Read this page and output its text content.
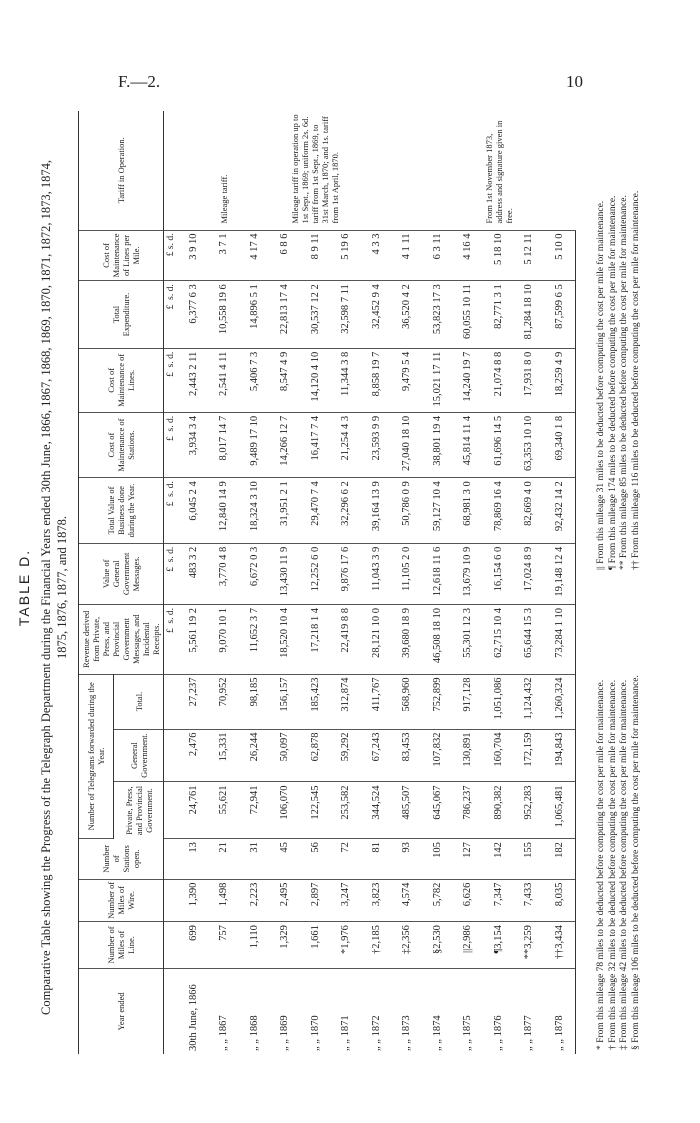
F.—2.	10
TABLE D. Comparative Table showing the Progress of the Telegraph Department during the Financial Years ended 30th June, 1866, 1867, 1868, 1869, 1870, 1871, 1872, 1873, 1874, 1875, 1876, 1877, and 1878.
Year ended	Number of Miles of Line.	Number of Miles of Wire.	Number of Stations open.	Number of Telegrams forwarded during the Year.			Revenue derived from Private, Press, and Provincial Government Messages, and Incidental Receipts.	Value of General Government Messages.	Total Value of Business done during the Year.	Cost of Maintenance of Stations.	Cost of Maintenance of Lines.	Total Expenditure.	Cost of Maintenance of Lines per Mile.	Tariff in Operation.
				Private, Press, and Provincial Government.	General Government.	Total.								
							£  s. d.	£  s. d.	£  s. d.	£  s. d.	£  s. d.	£  s. d.	£ s. d.	
30th June, 1866	699	1,390	13	24,761	2,476	27,237	5,561 19 2	483 3 2	6,045 2 4	3,934 3 4	2,443 2 11	6,377 6 3	3 9 10	Mileage tariff.
„ „ 1867	757	1,498	21	55,621	15,331	70,952	9,070 10 1	3,770 4 8	12,840 14 9	8,017 14 7	2,541 4 11	10,558 19 6	3 7 1	
„ „ 1868	1,110	2,223	31	72,941	26,244	98,185	11,652 3 7	6,672 0 3	18,324 3 10	9,489 17 10	5,406 7 3	14,896 5 1	4 17 4	
„ „ 1869	1,329	2,495	45	106,070	50,097	156,157	18,520 10 4	13,430 11 9	31,951 2 1	14,266 12 7	8,547 4 9	22,813 17 4	6 8 6	Mileage tariff in operation up to 1st Sept., 1869; uniform 2s. 6d. tariff from 1st Sept., 1869, to 31st March, 1870; and 1s. tariff from 1st April, 1870.
„ „ 1870	1,661	2,897	56	122,545	62,878	185,423	17,218 1 4	12,252 6 0	29,470 7 4	16,417 7 4	14,120 4 10	30,537 12 2	8 9 11	
„ „ 1871	*1,976	3,247	72	253,582	59,292	312,874	22,419 8 8	9,876 17 6	32,296 6 2	21,254 4 3	11,344 3 8	32,598 7 11	5 19 6	
„ „ 1872	†2,185	3,823	81	344,524	67,243	411,767	28,121 10 0	11,043 3 9	39,164 13 9	23,593 9 9	8,858 19 7	32,452 9 4	4 3 3	
„ „ 1873	‡2,356	4,574	93	485,507	83,453	568,960	39,680 18 9	11,105 2 0	50,786 0 9	27,040 18 10	9,479 5 4	36,520 4 2	4 1 11	
„ „ 1874	§2,530	5,782	105	645,067	107,832	752,899	46,508 18 10	12,618 11 6	59,127 10 4	38,801 19 4	15,021 17 11	53,823 17 3	6 3 11	From 1st November 1873, address and signature given in free.
„ „ 1875	||2,986	6,626	127	786,237	130,891	917,128	55,301 12 3	13,679 10 9	68,981 3 0	45,814 11 4	14,240 19 7	60,055 10 11	4 16 4	
„ „ 1876	¶3,154	7,347	142	890,382	160,704	1,051,086	62,715 10 4	16,154 6 0	78,869 16 4	61,696 14 5	21,074 8 8	82,771 3 1	5 18 10	
„ „ 1877	**3,259	7,433	155	952,283	172,159	1,124,432	65,644 15 3	17,024 8 9	82,669 4 0	63,353 10 10	17,931 8 0	81,284 18 10	5 12 11	
„ „ 1878	††3,434	8,035	182	1,065,481	194,843	1,260,324	73,284 1 10	19,148 12 4	92,432 14 2	69,340 1 8	18,259 4 9	87,599 6 5	5 10 0	
* From this mileage 78 miles to be deducted before computing the cost per mile for maintenance. † From this mileage 32 miles to be deducted before computing the cost per mile for maintenance. ‡ From this mileage 42 miles to be deducted before computing the cost per mile for maintenance. § From this mileage 106 miles to be deducted before computing the cost per mile for maintenance.
|| From this mileage 31 miles to be deducted before computing the cost per mile for maintenance. ¶ From this mileage 174 miles to be deducted before computing the cost per mile for maintenance. ** From this mileage 85 miles to be deducted before computing the cost per mile for maintenance. †† From this mileage 116 miles to be deducted before computing the cost per mile for maintenance.
